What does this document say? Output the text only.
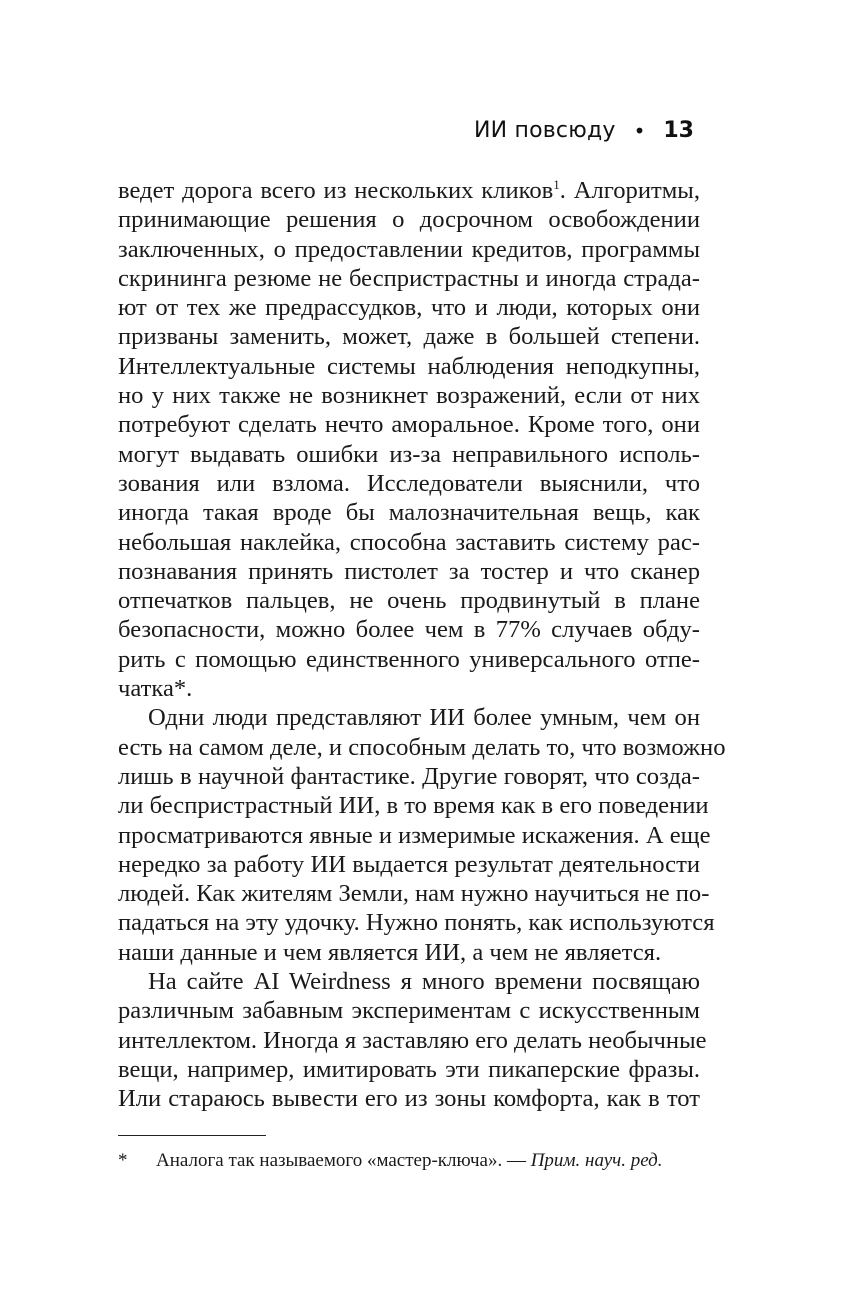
ИИ повсюду • 13
ведет дорога всего из нескольких кликов$^1$. Алгоритмы,
принимающие решения о досрочном освобождении
заключенных, о предоставлении кредитов, программы
скрининга резюме не беспристрастны и иногда страда-
ют от тех же предрассудков, что и люди, которых они
призваны заменить, может, даже в большей степени.
Интеллектуальные системы наблюдения неподкупны,
но у них также не возникнет возражений, если от них
потребуют сделать нечто аморальное. Кроме того, они
могут выдавать ошибки из-за неправильного исполь-
зования или взлома. Исследователи выяснили, что
иногда такая вроде бы малозначительная вещь, как
небольшая наклейка, способна заставить систему рас-
познавания принять пистолет за тостер и что сканер
отпечатков пальцев, не очень продвинутый в плане
безопасности, можно более чем в 77% случаев обду-
рить с помощью единственного универсального отпе-
чатка*.
Одни люди представляют ИИ более умным, чем он
есть на самом деле, и способным делать то, что возможно
лишь в научной фантастике. Другие говорят, что созда-
ли беспристрастный ИИ, в то время как в его поведении
просматриваются явные и измеримые искажения. А еще
нередко за работу ИИ выдается результат деятельности
людей. Как жителям Земли, нам нужно научиться не по-
падаться на эту удочку. Нужно понять, как используются
наши данные и чем является ИИ, а чем не является.
На сайте AI Weirdness я много времени посвящаю
различным забавным экспериментам с искусственным
интеллектом. Иногда я заставляю его делать необычные
вещи, например, имитировать эти пикаперские фразы.
Или стараюсь вывести его из зоны комфорта, как в тот
* Аналога так называемого «мастер-ключа». — Прим. науч. ред.
